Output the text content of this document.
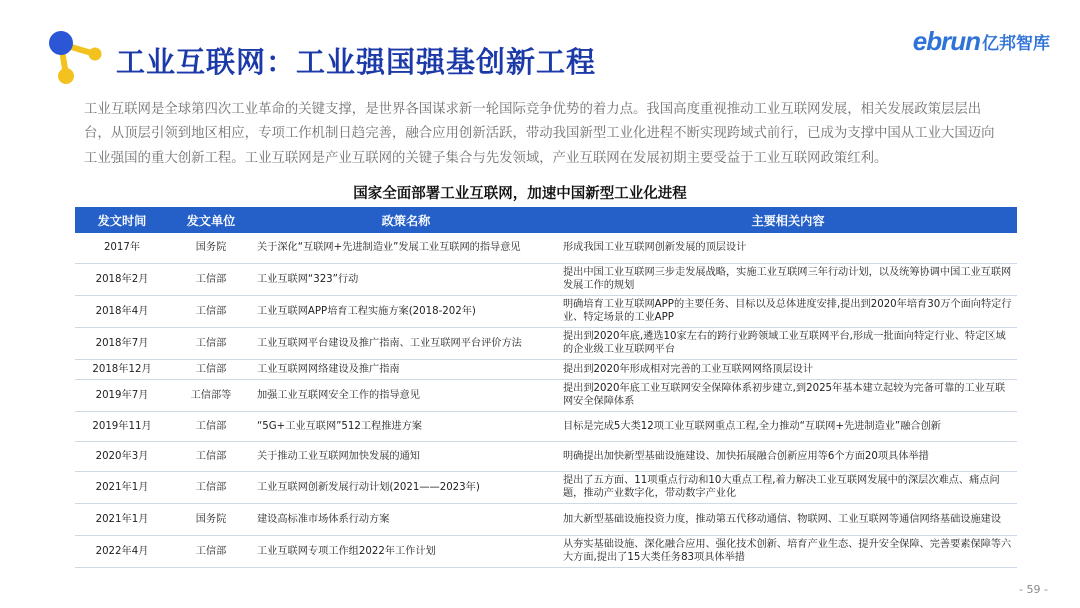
工业互联网：工业强国强基创新工程
ebrun 亿邦智库
工业互联网是全球第四次工业革命的关键支撑，是世界各国谋求新一轮国际竞争优势的着力点。我国高度重视推动工业互联网发展，相关发展政策层层出台，从顶层引领到地区相应，专项工作机制日趋完善，融合应用创新活跃，带动我国新型工业化进程不断实现跨域式前行，已成为支撑中国从工业大国迈向工业强国的重大创新工程。工业互联网是产业互联网的关键子集合与先发领域，产业互联网在发展初期主要受益于工业互联网政策红利。
国家全面部署工业互联网，加速中国新型工业化进程
发文时间	发文单位	政策名称	主要相关内容
2017年	国务院	关于深化“互联网+先进制造业”发展工业互联网的指导意见	形成我国工业互联网创新发展的顶层设计
2018年2月	工信部	工业互联网“323”行动	提出中国工业互联网三步走发展战略，实施工业互联网三年行动计划，以及统筹协调中国工业互联网发展工作的规划
2018年4月	工信部	工业互联网APP培育工程实施方案(2018-202年)	明确培育工业互联网APP的主要任务、目标以及总体进度安排,提出到2020年培育30万个面向特定行业、特定场景的工业APP
2018年7月	工信部	工业互联网平台建设及推广指南、工业互联网平台评价方法	提出到2020年底,遴选10家左右的跨行业跨领域工业互联网平台,形成一批面向特定行业、特定区域的企业级工业互联网平台
2018年12月	工信部	工业互联网网络建设及推广指南	提出到2020年形成相对完善的工业互联网网络顶层设计
2019年7月	工信部等	加强工业互联网安全工作的指导意见	提出到2020年底工业互联网安全保障体系初步建立,到2025年基本建立起较为完备可靠的工业互联网安全保障体系
2019年11月	工信部	“5G+工业互联网”512工程推进方案	目标是完成5大类12项工业互联网重点工程,全力推动“互联网+先进制造业”融合创新
2020年3月	工信部	关于推动工业互联网加快发展的通知	明确提出加快新型基础设施建设、加快拓展融合创新应用等6个方面20项具体举措
2021年1月	工信部	工业互联网创新发展行动计划(2021——2023年)	提出了五方面、11项重点行动和10大重点工程,着力解决工业互联网发展中的深层次难点、痛点问题，推动产业数字化，带动数字产业化
2021年1月	国务院	建设高标准市场体系行动方案	加大新型基础设施投资力度，推动第五代移动通信、物联网、工业互联网等通信网络基础设施建设
2022年4月	工信部	工业互联网专项工作组2022年工作计划	从夯实基础设施、深化融合应用、强化技术创新、培育产业生态、提升安全保障、完善要素保障等六大方面,提出了15大类任务83项具体举措
- 59 -
